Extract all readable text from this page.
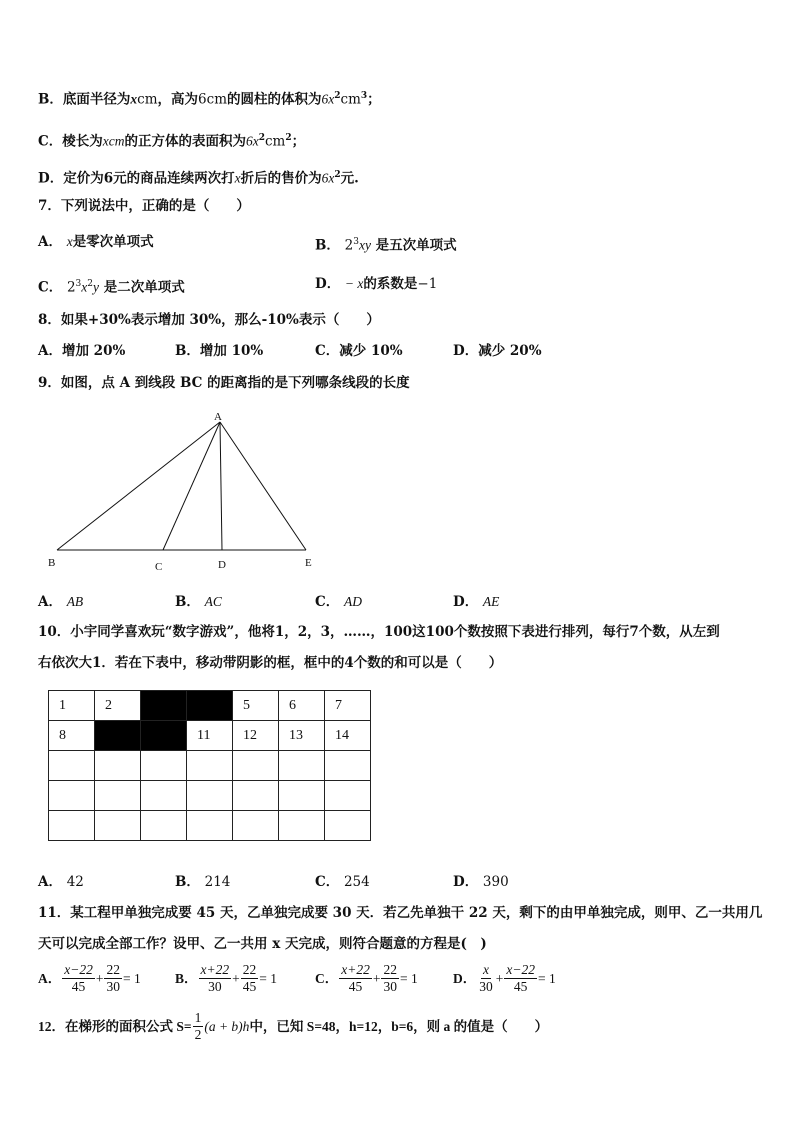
B．底面半径为xcm，高为6cm的圆柱的体积为$6x^2cm^3$；
C．棱长为xcm的正方体的表面积为$6x^2cm^2$；
D．定价为6元的商品连续两次打x折后的售价为$6x^2$元.
7．下列说法中，正确的是（　　）
A． x是零次单项式	B． $2^3xy$ 是五次单项式
C． $2^3x^2y$ 是二次单项式	D． − x的系数是−1
8．如果+30%表示增加 30%，那么-10%表示（　　）
A．增加 20%	B．增加 10%	C．减少 10%	D．减少 20%
9．如图，点 A 到线段 BC 的距离指的是下列哪条线段的长度
A
B	C	D	E
A． AB	B． AC	C． AD	D． AE
10．小宇同学喜欢玩“数字游戏”，他将1，2，3，……，100这100个数按照下表进行排列，每行7个数，从左到
右依次大1．若在下表中，移动带阴影的框，框中的4个数的和可以是（　　）
1	2			5	6	7
8			11	12	13	14

A． 42	B． 214	C． 254	D． 390
11．某工程甲单独完成要 45 天，乙单独完成要 30 天．若乙先单独干 22 天，剩下的由甲单独完成，则甲、乙一共用几
天可以完成全部工作？设甲、乙一共用 x 天完成，则符合题意的方程是(　)
A． $\frac{x-22}{45} + \frac{22}{30} = 1$	B． $\frac{x+22}{30} + \frac{22}{45} = 1$	C． $\frac{x+22}{45} + \frac{22}{30} = 1$	D． $\frac{x}{30} + \frac{x-22}{45} = 1$
12．在梯形的面积公式 $S= \frac{1}{2} (a + b)h$ 中，已知 S=48，h=12，b=6，则 a 的值是（　　）
